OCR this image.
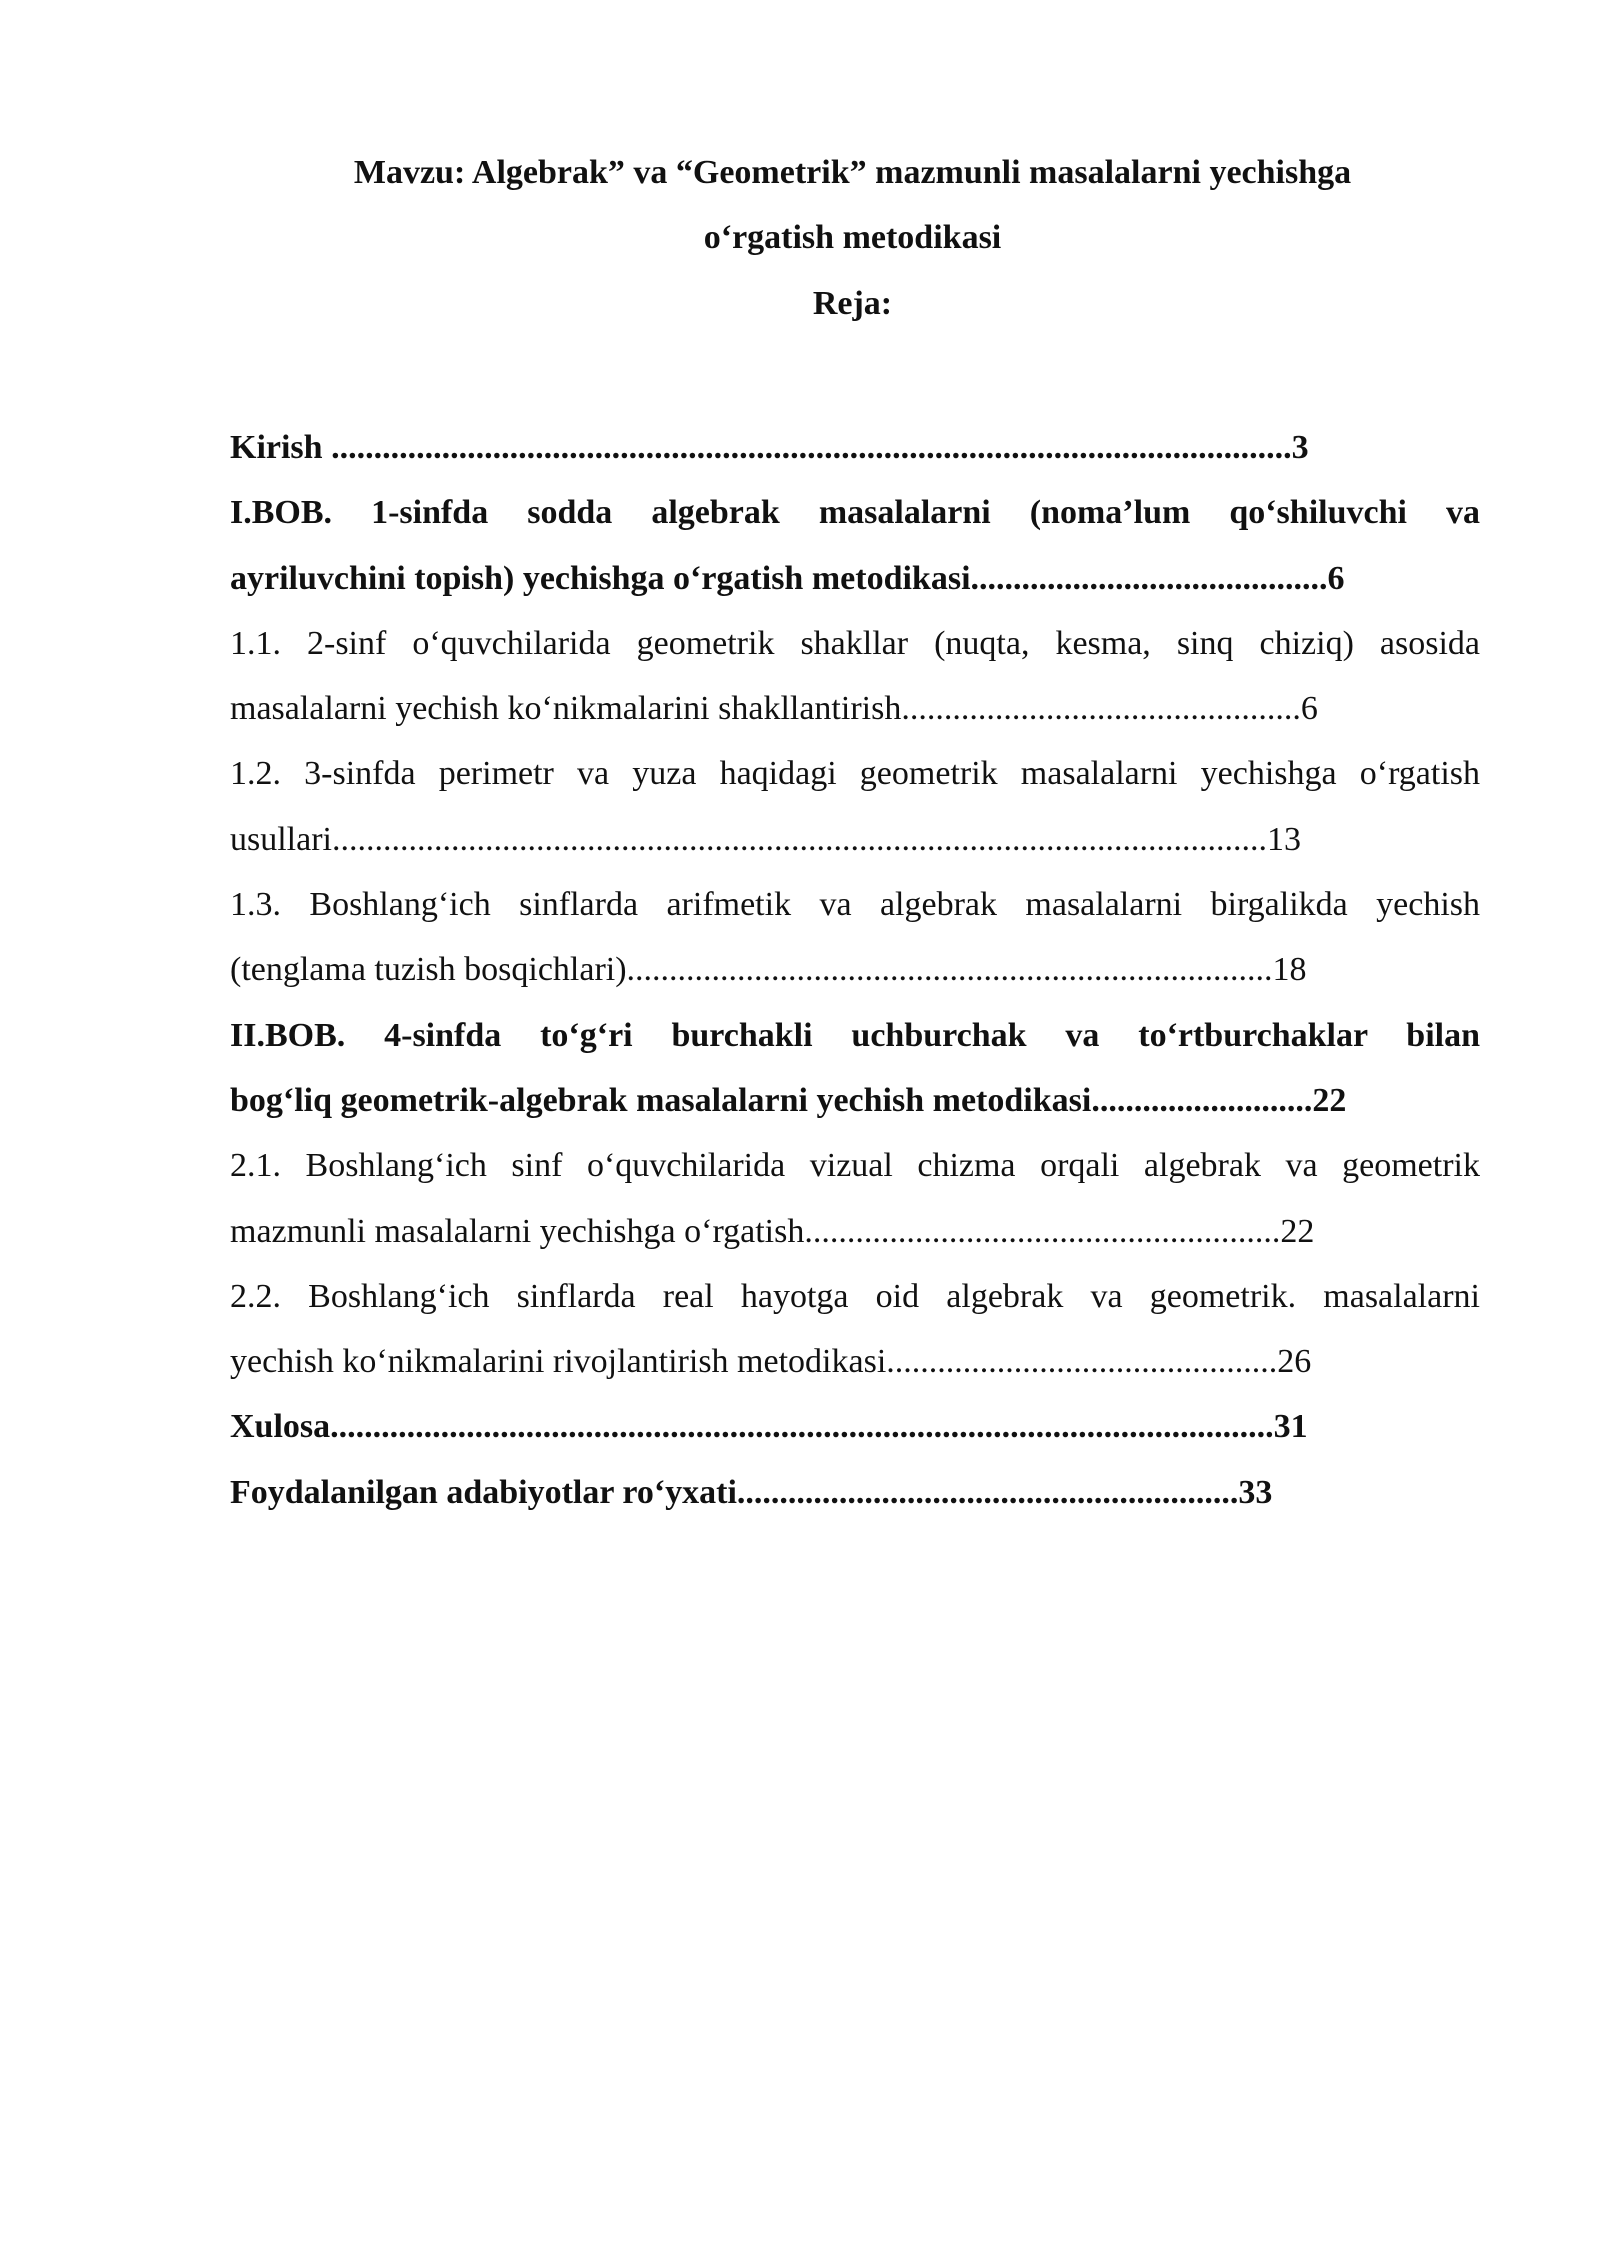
Mavzu: Algebrak” va “Geometrik” mazmunli masalalarni yechishga

o‘rgatish metodikasi

Reja:

Kirish .................................................................................................................3
I.BOB. 1-sinfda sodda algebrak masalalarni (noma’lum qo‘shiluvchi va
ayriluvchini topish) yechishga o‘rgatish metodikasi..........................................6
1.1. 2-sinf o‘quvchilarida geometrik shakllar (nuqta, kesma, sinq chiziq) asosida
masalalarni yechish ko‘nikmalarini shakllantirish...............................................6
1.2. 3-sinfda perimetr va yuza haqidagi geometrik masalalarni yechishga o‘rgatish
usullari..............................................................................................................13
1.3. Boshlang‘ich sinflarda arifmetik va algebrak masalalarni birgalikda yechish
(tenglama tuzish bosqichlari)............................................................................18
II.BOB. 4-sinfda to‘g‘ri burchakli uchburchak va to‘rtburchaklar bilan
bog‘liq geometrik-algebrak masalalarni yechish metodikasi..........................22
2.1. Boshlang‘ich sinf o‘quvchilarida vizual chizma orqali algebrak va geometrik
mazmunli masalalarni yechishga o‘rgatish........................................................22
2.2. Boshlang‘ich sinflarda real hayotga oid algebrak va geometrik. masalalarni
yechish ko‘nikmalarini rivojlantirish metodikasi..............................................26
Xulosa...............................................................................................................31
Foydalanilgan adabiyotlar ro‘yxati...........................................................33
